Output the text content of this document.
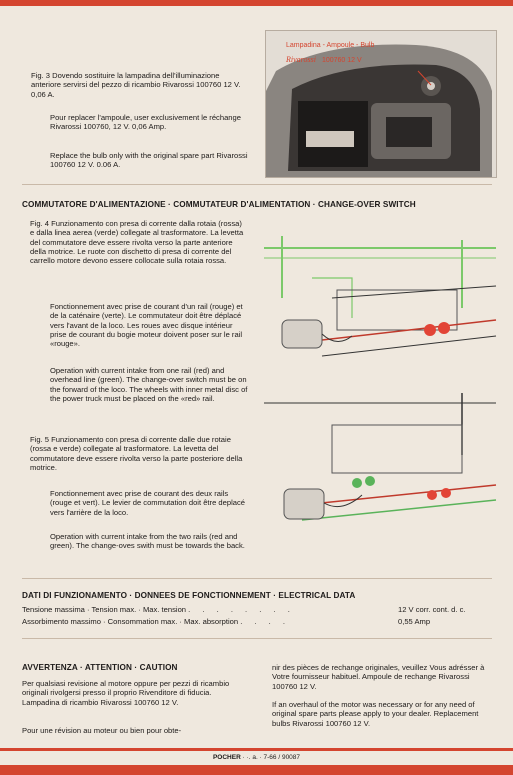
Lampadina - Ampoule - Bulb
Rivarossi 100760 12 V

Fig. 3 Dovendo sostituire la lampadina dell'illuminazione anteriore servirsi del pezzo di ricambio Rivarossi 100760 12 V. 0,06 A.

Pour replacer l'ampoule, user exclusivement le réchange Rivarossi 100760, 12 V. 0,06 Amp.

Replace the bulb only with the original spare part Rivarossi 100760 12 V. 0.06 A.

COMMUTATORE D'ALIMENTAZIONE · COMMUTATEUR D'ALIMENTATION · CHANGE-OVER SWITCH

Fig. 4 Funzionamento con presa di corrente dalla rotaia (rossa) e dalla linea aerea (verde) collegate al trasformatore. La levetta del commutatore deve essere rivolta verso la parte anteriore della motrice. Le ruote con dischetto di presa di corrente del carrello motore devono essere collocate sulla rotaia rossa.

Fonctionnement avec prise de courant d'un rail (rouge) et de la caténaire (verte). Le commutateur doit être déplacé vers l'avant de la loco. Les roues avec disque intérieur prise de courant du bogie moteur doivent poser sur le rail «rouge».

Operation with current intake from one rail (red) and overhead line (green). The change-over switch must be on the forward of the loco. The wheels with inner metal disc of the power truck must be placed on the «red» rail.

Fig. 5 Funzionamento con presa di corrente dalle due rotaie (rossa e verde) collegate al trasformatore. La levetta del commutatore deve essere rivolta verso la parte posteriore della motrice.

Fonctionnement avec prise de courant des deux rails (rouge et vert). Le levier de commutation doit être deplacé vers l'arrière de la loco.

Operation with current intake from the two rails (red and green). The change-oves swith must be towards the back.

DATI DI FUNZIONAMENTO · DONNEES DE FONCTIONNEMENT · ELECTRICAL DATA
Tensione massima · Tension max. · Max. tension . . . . . . . .	12 V corr. cont. d. c.
Assorbimento massimo · Consommation max. · Max. absorption . . . .	0,55 Amp
AVVERTENZA · ATTENTION · CAUTION

Per qualsiasi revisione al motore oppure per pezzi di ricambio originali rivolgersi presso il proprio Rivenditore di fiducia. Lampadina di ricambio Rivarossi 100760 12 V.

Pour une révision au moteur ou bien pour obte-

nir des pièces de rechange originales, veuillez Vous adrésser à Votre fournisseur habituel. Ampoule de rechange Rivarossi 100760 12 V.

If an overhaul of the motor was necessary or for any need of original spare parts please apply to your dealer. Replacement bulbs Rivarossi 100760 12 V.

POCHER · ·. a. · 7-66 / 90087
